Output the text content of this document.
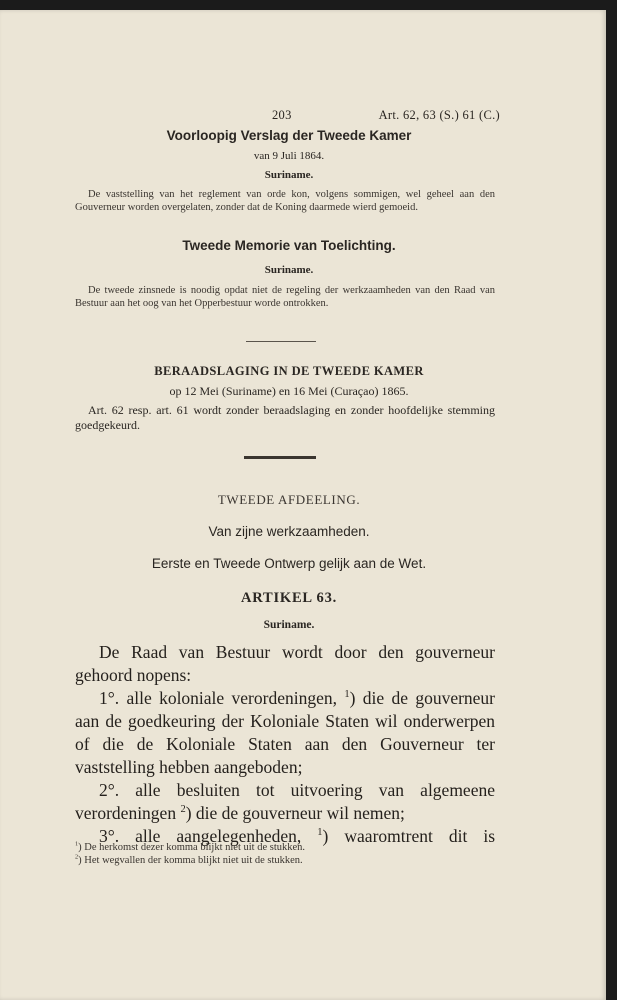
203	Art. 62, 63 (S.) 61 (C.)
Voorloopig Verslag der Tweede Kamer
van 9 Juli 1864.
Suriname.
De vaststelling van het reglement van orde kon, volgens sommigen, wel geheel aan den Gouverneur worden overgelaten, zonder dat de Koning daarmede wierd gemoeid.
Tweede Memorie van Toelichting.
Suriname.
De tweede zinsnede is noodig opdat niet de regeling der werkzaamheden van den Raad van Bestuur aan het oog van het Opperbestuur worde ontrokken.
BERAADSLAGING IN DE TWEEDE KAMER
op 12 Mei (Suriname) en 16 Mei (Curaçao) 1865.
Art. 62 resp. art. 61 wordt zonder beraadslaging en zonder hoofdelijke stemming goedgekeurd.
TWEEDE AFDEELING.
Van zijne werkzaamheden.
Eerste en Tweede Ontwerp gelijk aan de Wet.
ARTIKEL 63.
Suriname.

De Raad van Bestuur wordt door den gouverneur gehoord nopens:

1°. alle koloniale verordeningen, $^1$) die de gouverneur aan de goedkeuring der Koloniale Staten wil onderwerpen of die de Koloniale Staten aan den Gouverneur ter vaststelling hebben aangeboden;

2°. alle besluiten tot uitvoering van algemeene verordeningen $^2$) die de gouverneur wil nemen;

3°. alle aangelegenheden, $^1$) waaromtrent dit is

$^1$) De herkomst dezer komma blijkt niet uit de stukken.
$^2$) Het wegvallen der komma blijkt niet uit de stukken.
